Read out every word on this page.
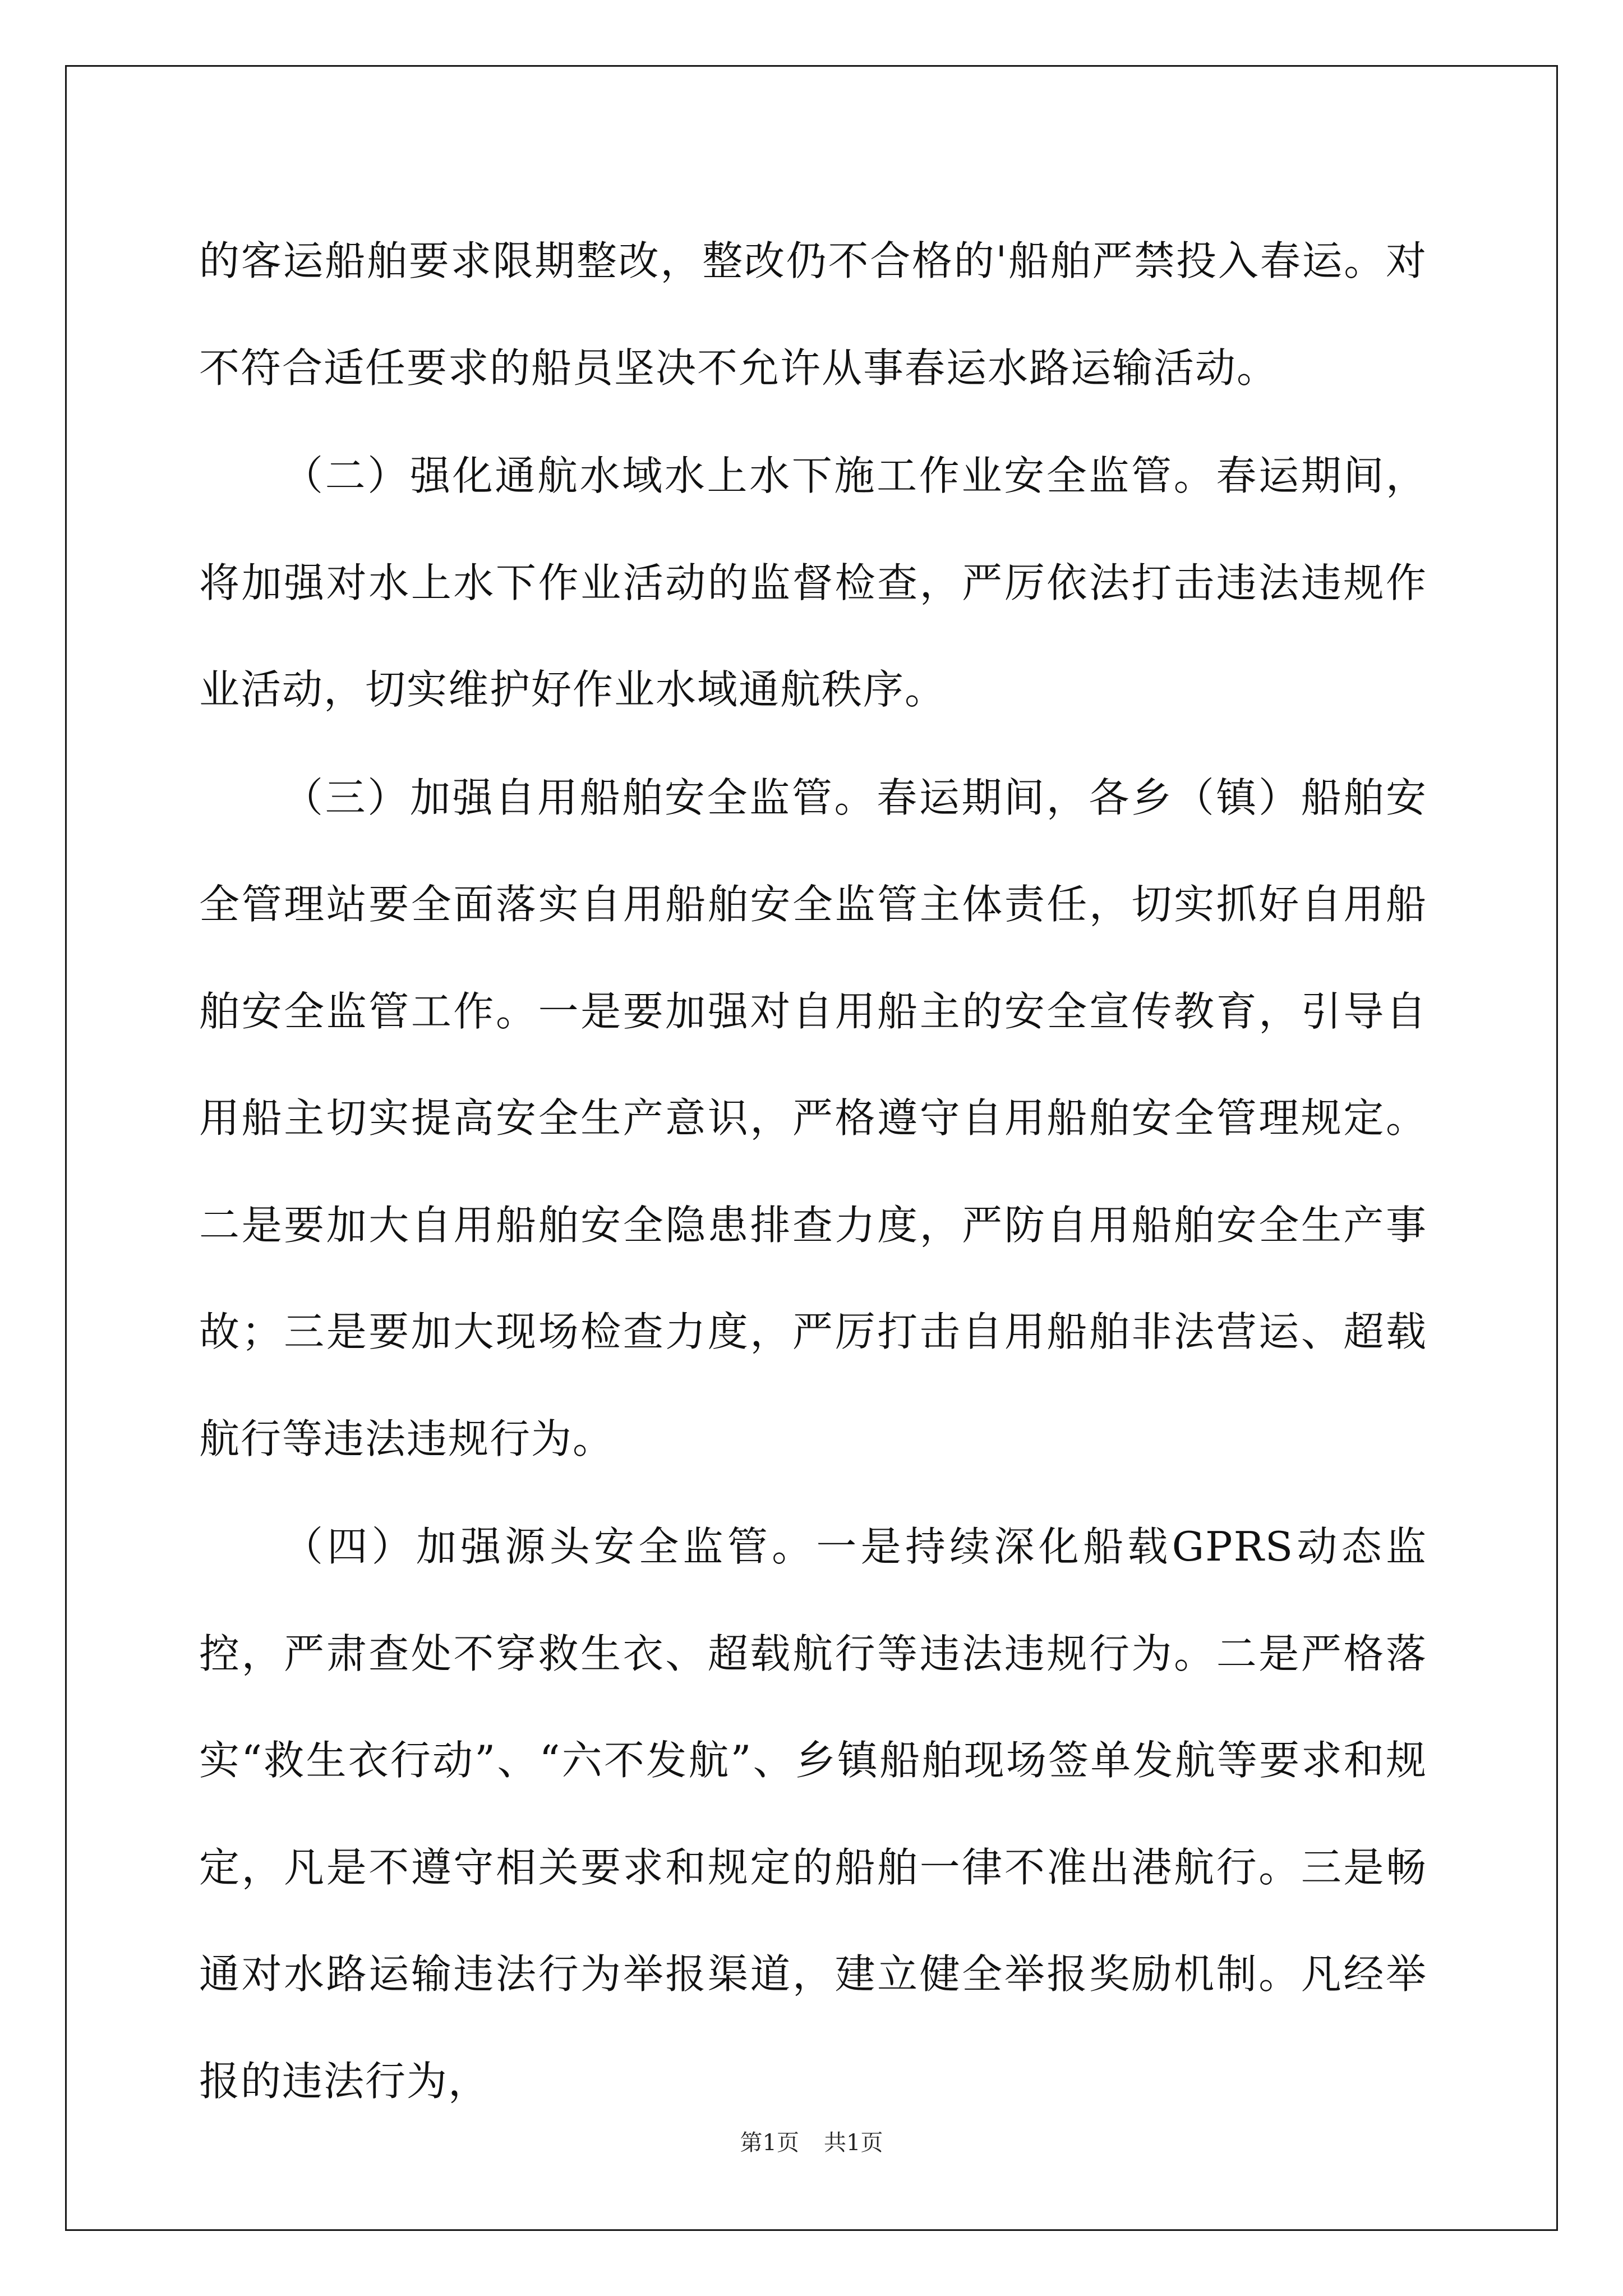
的客运船舶要求限期整改，整改仍不合格的'船舶严禁投入春运。对不符合适任要求的船员坚决不允许从事春运水路运输活动。

（二）强化通航水域水上水下施工作业安全监管。春运期间，将加强对水上水下作业活动的监督检查，严厉依法打击违法违规作业活动，切实维护好作业水域通航秩序。

（三）加强自用船舶安全监管。春运期间，各乡（镇）船舶安全管理站要全面落实自用船舶安全监管主体责任，切实抓好自用船舶安全监管工作。一是要加强对自用船主的安全宣传教育，引导自用船主切实提高安全生产意识，严格遵守自用船舶安全管理规定。二是要加大自用船舶安全隐患排查力度，严防自用船舶安全生产事故；三是要加大现场检查力度，严厉打击自用船舶非法营运、超载航行等违法违规行为。

（四）加强源头安全监管。一是持续深化船载GPRS动态监控，严肃查处不穿救生衣、超载航行等违法违规行为。二是严格落实“救生衣行动”、“六不发航”、乡镇船舶现场签单发航等要求和规定，凡是不遵守相关要求和规定的船舶一律不准出港航行。三是畅通对水路运输违法行为举报渠道，建立健全举报奖励机制。凡经举报的违法行为，

第1页 共1页
